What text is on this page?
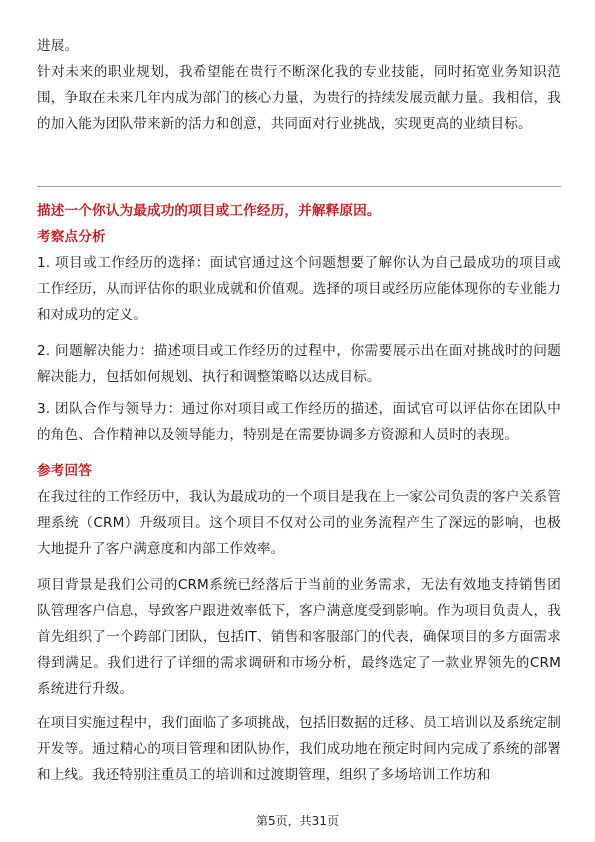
进展。

针对未来的职业规划，我希望能在贵行不断深化我的专业技能，同时拓宽业务知识范围，争取在未来几年内成为部门的核心力量，为贵行的持续发展贡献力量。我相信，我的加入能为团队带来新的活力和创意，共同面对行业挑战，实现更高的业绩目标。

描述一个你认为最成功的项目或工作经历，并解释原因。

考察点分析

1. 项目或工作经历的选择：面试官通过这个问题想要了解你认为自己最成功的项目或工作经历，从而评估你的职业成就和价值观。选择的项目或经历应能体现你的专业能力和对成功的定义。

2. 问题解决能力：描述项目或工作经历的过程中，你需要展示出在面对挑战时的问题解决能力，包括如何规划、执行和调整策略以达成目标。

3. 团队合作与领导力：通过你对项目或工作经历的描述，面试官可以评估你在团队中的角色、合作精神以及领导能力，特别是在需要协调多方资源和人员时的表现。

参考回答

在我过往的工作经历中，我认为最成功的一个项目是我在上一家公司负责的客户关系管理系统（CRM）升级项目。这个项目不仅对公司的业务流程产生了深远的影响，也极大地提升了客户满意度和内部工作效率。

项目背景是我们公司的CRM系统已经落后于当前的业务需求，无法有效地支持销售团队管理客户信息，导致客户跟进效率低下，客户满意度受到影响。作为项目负责人，我首先组织了一个跨部门团队，包括IT、销售和客服部门的代表，确保项目的多方面需求得到满足。我们进行了详细的需求调研和市场分析，最终选定了一款业界领先的CRM系统进行升级。

在项目实施过程中，我们面临了多项挑战，包括旧数据的迁移、员工培训以及系统定制开发等。通过精心的项目管理和团队协作，我们成功地在预定时间内完成了系统的部署和上线。我还特别注重员工的培训和过渡期管理，组织了多场培训工作坊和

第5页，共31页
